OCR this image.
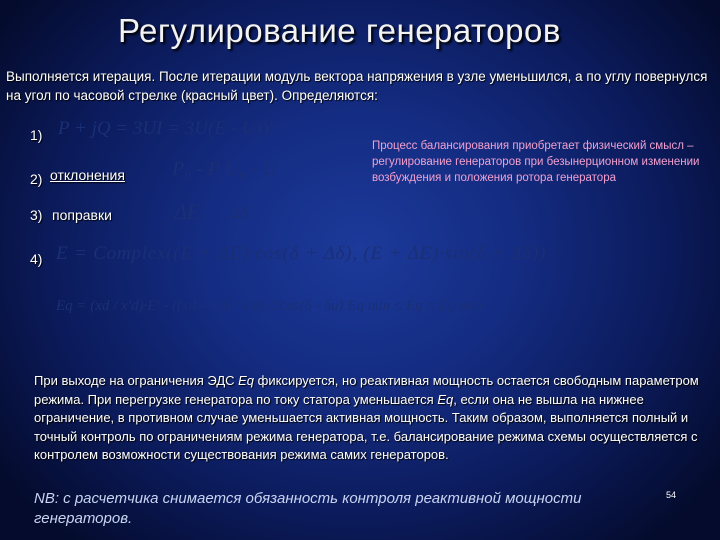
Регулирование генераторов
Выполняется итерация. После итерации модуль вектора напряжения в узле уменьшился, а по углу повернулся на угол по часовой стрелке (красный цвет). Определяются:
1) P + jQ = 3UI = 3U(E - U)Y
2) отклонения P₀ - P U₀ - U
3) поправки	ΔE Δδ
4) E = Complex((E + ΔE)·cos(δ + Δδ), (E + ΔE)·sin(δ + Δδ))
Eq = (xd / x'd)·E' - ((xd - x'd) / x'd)·Ucos(δ - δu) Eq min ≤ Eq ≤ Eq max
Процесс балансирования приобретает физический смысл – регулирование генераторов при безынерционном изменении возбуждения и положения ротора генератора
При выходе на ограничения ЭДС Eq фиксируется, но реактивная мощность остается свободным параметром режима. При перегрузке генератора по току статора уменьшается Eq, если она не вышла на нижнее ограничение, в противном случае уменьшается активная мощность. Таким образом, выполняется полный и точный контроль по ограничениям режима генератора, т.е. балансирование режима схемы осуществляется с контролем возможности существования режима самих генераторов.
NB: с расчетчика снимается обязанность контроля реактивной мощности генераторов.
54
